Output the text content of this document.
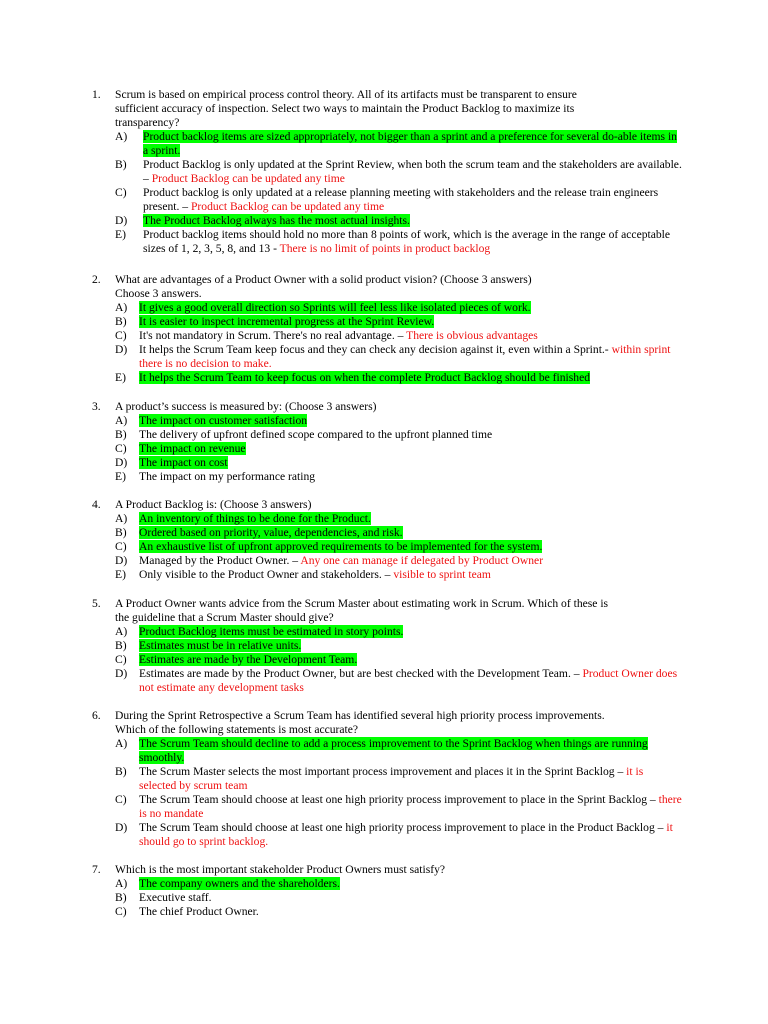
1.	Scrum is based on empirical process control theory. All of its artifacts must be transparent to ensure
sufficient accuracy of inspection. Select two ways to maintain the Product Backlog to maximize its
transparency?
A)	Product backlog items are sized appropriately, not bigger than a sprint and a preference for several do-able items in a sprint.
B)	Product Backlog is only updated at the Sprint Review, when both the scrum team and the stakeholders are available. – Product Backlog can be updated any time
C)	Product backlog is only updated at a release planning meeting with stakeholders and the release train engineers present. – Product Backlog can be updated any time
D)	The Product Backlog always has the most actual insights.
E)	Product backlog items should hold no more than 8 points of work, which is the average in the range of acceptable sizes of 1, 2, 3, 5, 8, and 13 - There is no limit of points in product backlog
2.	What are advantages of a Product Owner with a solid product vision? (Choose 3 answers)
Choose 3 answers.
A)	It gives a good overall direction so Sprints will feel less like isolated pieces of work.
B)	It is easier to inspect incremental progress at the Sprint Review.
C)	It's not mandatory in Scrum. There's no real advantage. – There is obvious advantages
D)	It helps the Scrum Team keep focus and they can check any decision against it, even within a Sprint.- within sprint there is no decision to make.
E)	It helps the Scrum Team to keep focus on when the complete Product Backlog should be finished
3.	A product’s success is measured by: (Choose 3 answers)
A)	The impact on customer satisfaction
B)	The delivery of upfront defined scope compared to the upfront planned time
C)	The impact on revenue
D)	The impact on cost
E)	The impact on my performance rating
4.	A Product Backlog is: (Choose 3 answers)
A)	An inventory of things to be done for the Product.
B)	Ordered based on priority, value, dependencies, and risk.
C)	An exhaustive list of upfront approved requirements to be implemented for the system.
D)	Managed by the Product Owner. – Any one can manage if delegated by Product Owner
E)	Only visible to the Product Owner and stakeholders. – visible to sprint team
5.	A Product Owner wants advice from the Scrum Master about estimating work in Scrum. Which of these is
the guideline that a Scrum Master should give?
A)	Product Backlog items must be estimated in story points.
B)	Estimates must be in relative units.
C)	Estimates are made by the Development Team.
D)	Estimates are made by the Product Owner, but are best checked with the Development Team. – Product Owner does not estimate any development tasks
6.	During the Sprint Retrospective a Scrum Team has identified several high priority process improvements.
Which of the following statements is most accurate?
A)	The Scrum Team should decline to add a process improvement to the Sprint Backlog when things are running smoothly.
B)	The Scrum Master selects the most important process improvement and places it in the Sprint Backlog – it is selected by scrum team
C)	The Scrum Team should choose at least one high priority process improvement to place in the Sprint Backlog – there is no mandate
D)	The Scrum Team should choose at least one high priority process improvement to place in the Product Backlog – it should go to sprint backlog.
7.	Which is the most important stakeholder Product Owners must satisfy?
A)	The company owners and the shareholders.
B)	Executive staff.
C)	The chief Product Owner.
